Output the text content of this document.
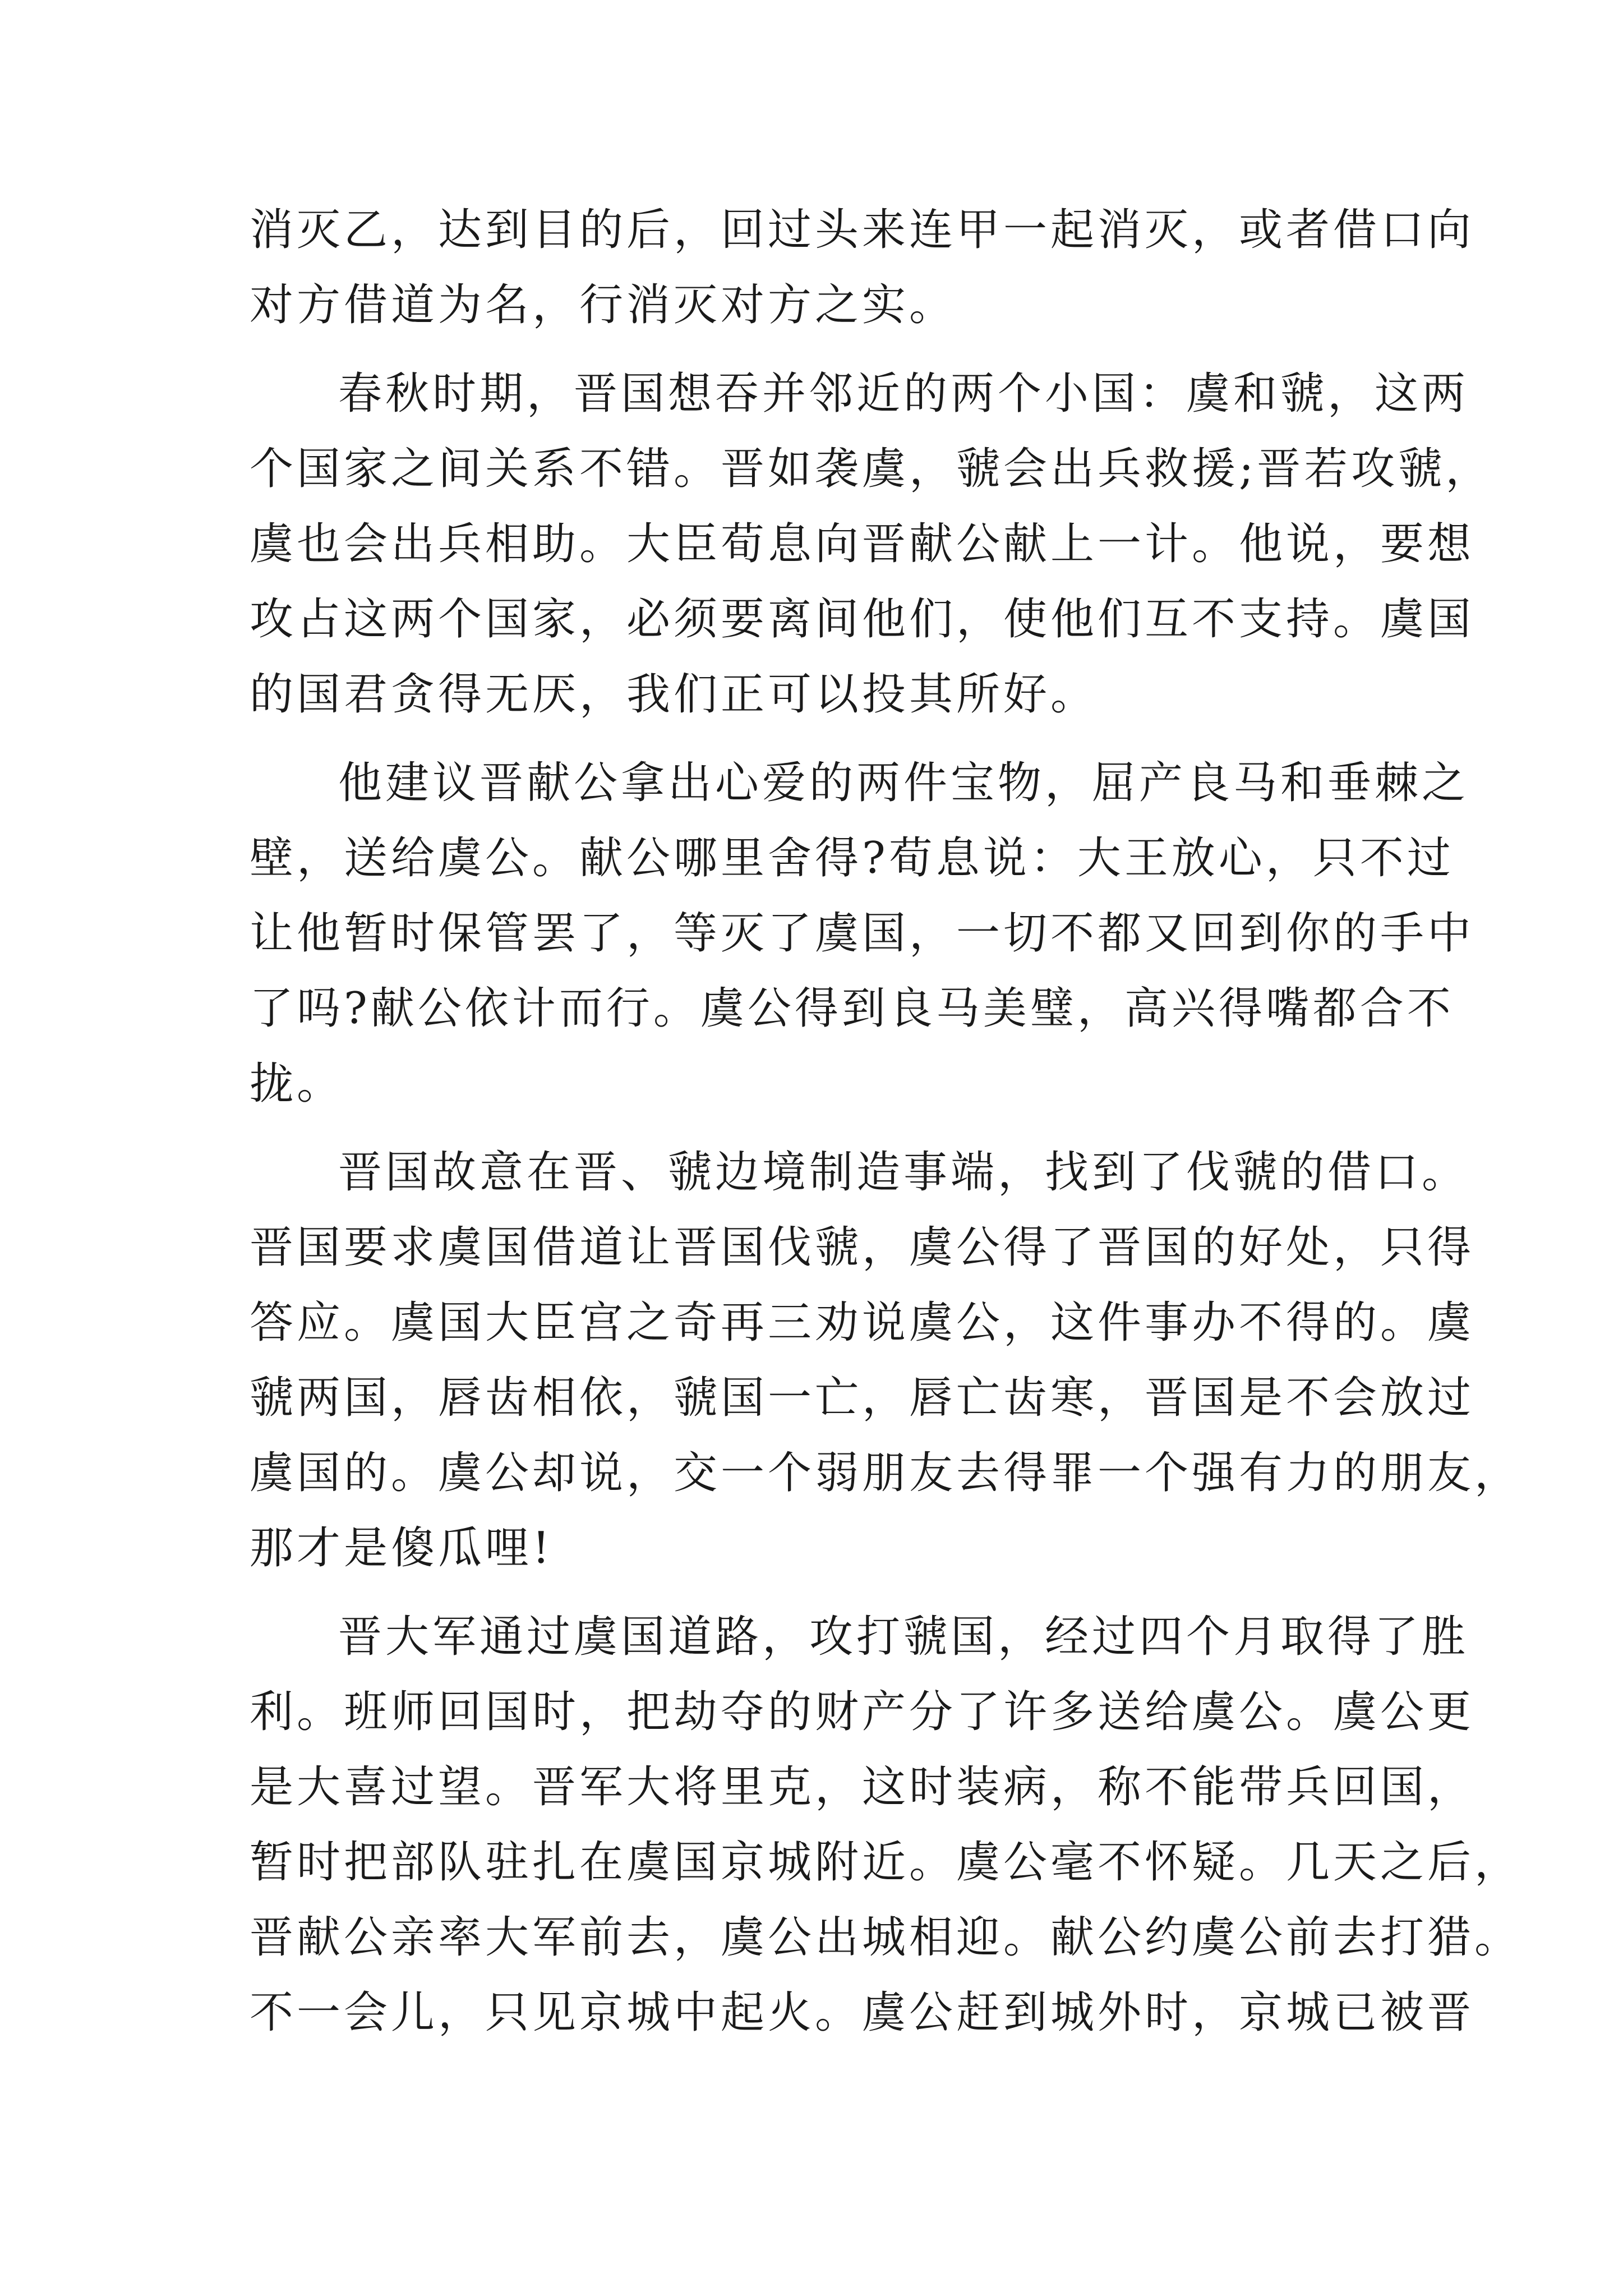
消灭乙，达到目的后，回过头来连甲一起消灭，或者借口向
对方借道为名，行消灭对方之实。
春秋时期，晋国想吞并邻近的两个小国：虞和虢，这两
个国家之间关系不错。晋如袭虞，虢会出兵救援;晋若攻虢，
虞也会出兵相助。大臣荀息向晋献公献上一计。他说，要想
攻占这两个国家，必须要离间他们，使他们互不支持。虞国
的国君贪得无厌，我们正可以投其所好。
他建议晋献公拿出心爱的两件宝物，屈产良马和垂棘之
壁，送给虞公。献公哪里舍得?荀息说：大王放心，只不过
让他暂时保管罢了，等灭了虞国，一切不都又回到你的手中
了吗?献公依计而行。虞公得到良马美璧，高兴得嘴都合不
拢。
晋国故意在晋、虢边境制造事端，找到了伐虢的借口。
晋国要求虞国借道让晋国伐虢，虞公得了晋国的好处，只得
答应。虞国大臣宫之奇再三劝说虞公，这件事办不得的。虞
虢两国，唇齿相依，虢国一亡，唇亡齿寒，晋国是不会放过
虞国的。虞公却说，交一个弱朋友去得罪一个强有力的朋友，
那才是傻瓜哩!
晋大军通过虞国道路，攻打虢国，经过四个月取得了胜
利。班师回国时，把劫夺的财产分了许多送给虞公。虞公更
是大喜过望。晋军大将里克，这时装病，称不能带兵回国，
暂时把部队驻扎在虞国京城附近。虞公毫不怀疑。几天之后，
晋献公亲率大军前去，虞公出城相迎。献公约虞公前去打猎。
不一会儿，只见京城中起火。虞公赶到城外时，京城已被晋
